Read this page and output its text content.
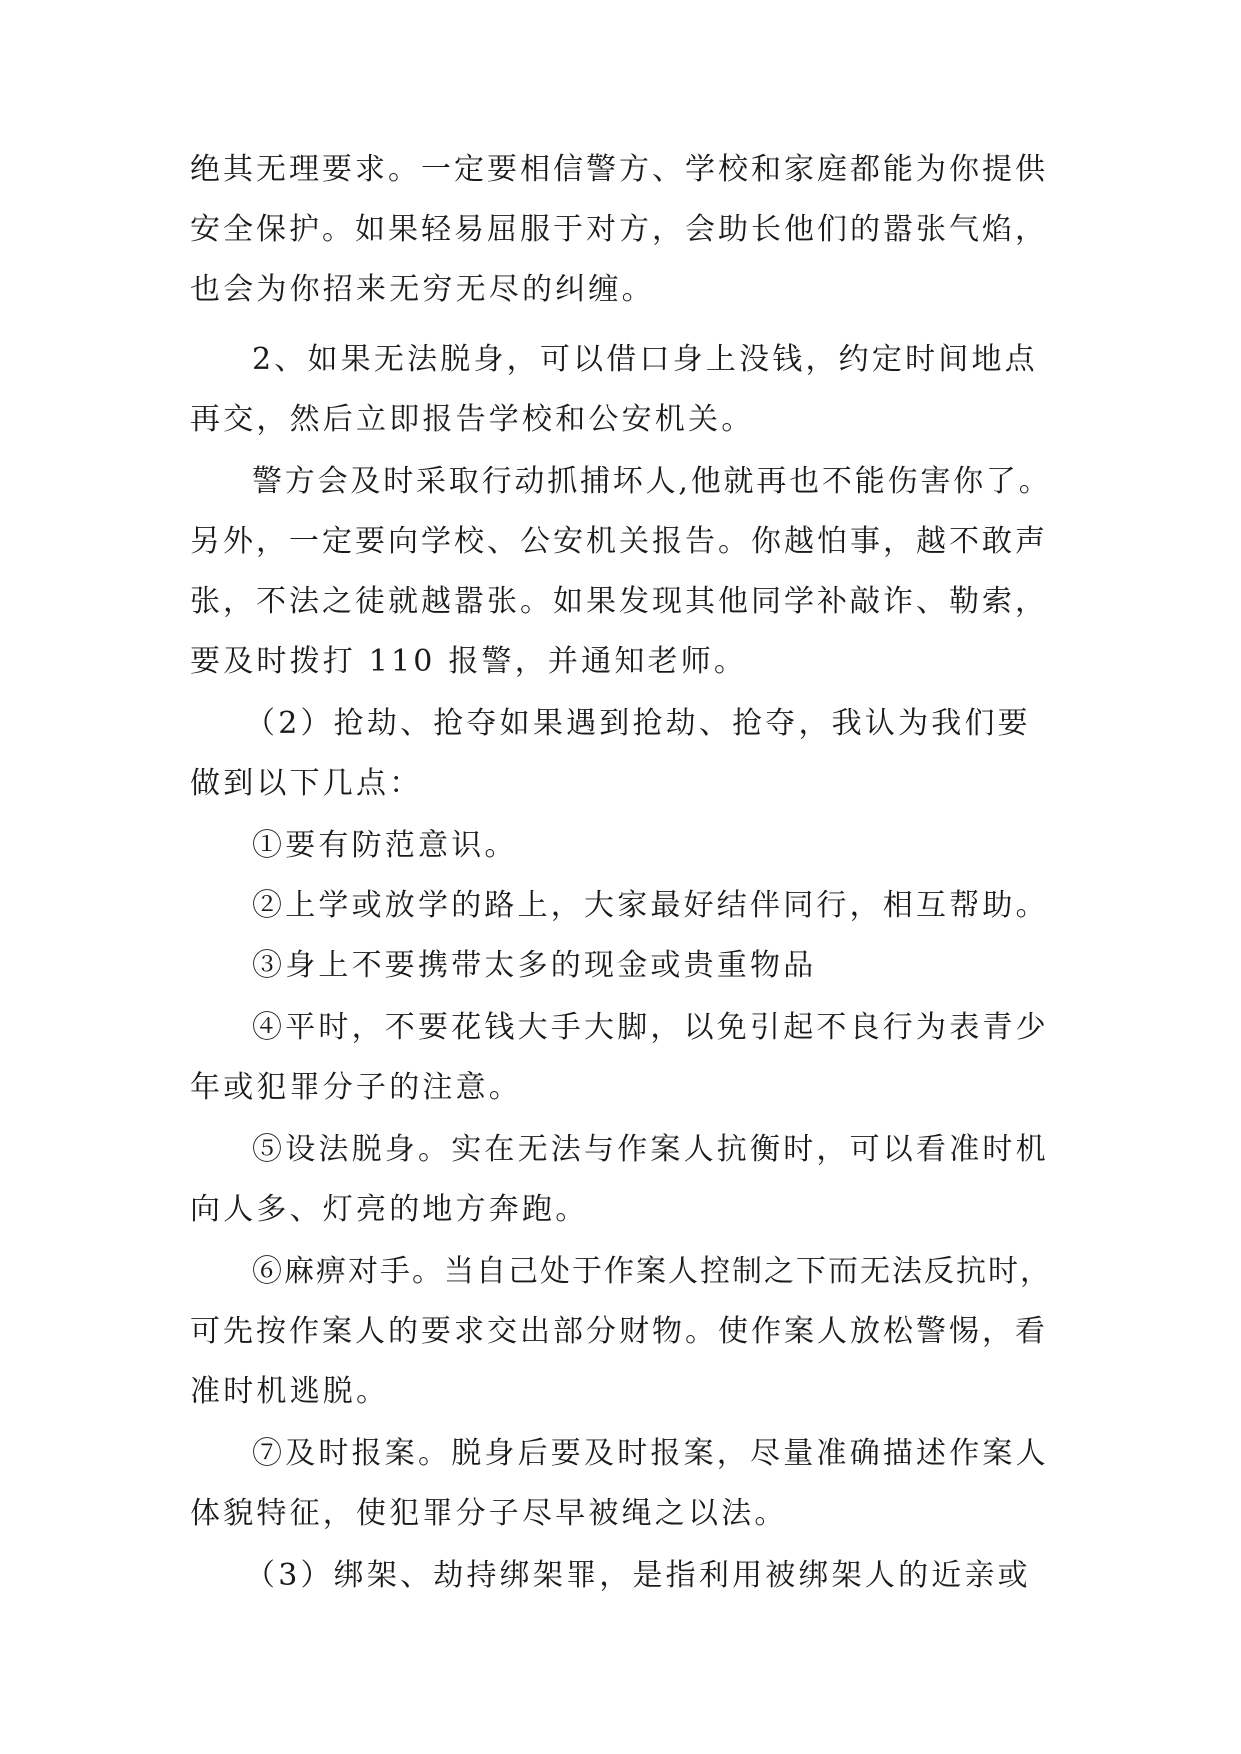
绝其无理要求。一定要相信警方、学校和家庭都能为你提供
安全保护。如果轻易屈服于对方，会助长他们的嚣张气焰，
也会为你招来无穷无尽的纠缠。
2、如果无法脱身，可以借口身上没钱，约定时间地点
再交，然后立即报告学校和公安机关。
警方会及时采取行动抓捕坏人,他就再也不能伤害你了。
另外，一定要向学校、公安机关报告。你越怕事，越不敢声
张，不法之徒就越嚣张。如果发现其他同学补敲诈、勒索，
要及时拨打 110 报警，并通知老师。
（2）抢劫、抢夺如果遇到抢劫、抢夺，我认为我们要
做到以下几点：
①要有防范意识。
②上学或放学的路上，大家最好结伴同行，相互帮助。
③身上不要携带太多的现金或贵重物品
④平时，不要花钱大手大脚，以免引起不良行为表青少
年或犯罪分子的注意。
⑤设法脱身。实在无法与作案人抗衡时，可以看准时机
向人多、灯亮的地方奔跑。
⑥麻痹对手。当自己处于作案人控制之下而无法反抗时，
可先按作案人的要求交出部分财物。使作案人放松警惕，看
准时机逃脱。
⑦及时报案。脱身后要及时报案，尽量准确描述作案人
体貌特征，使犯罪分子尽早被绳之以法。
（3）绑架、劫持绑架罪，是指利用被绑架人的近亲或
